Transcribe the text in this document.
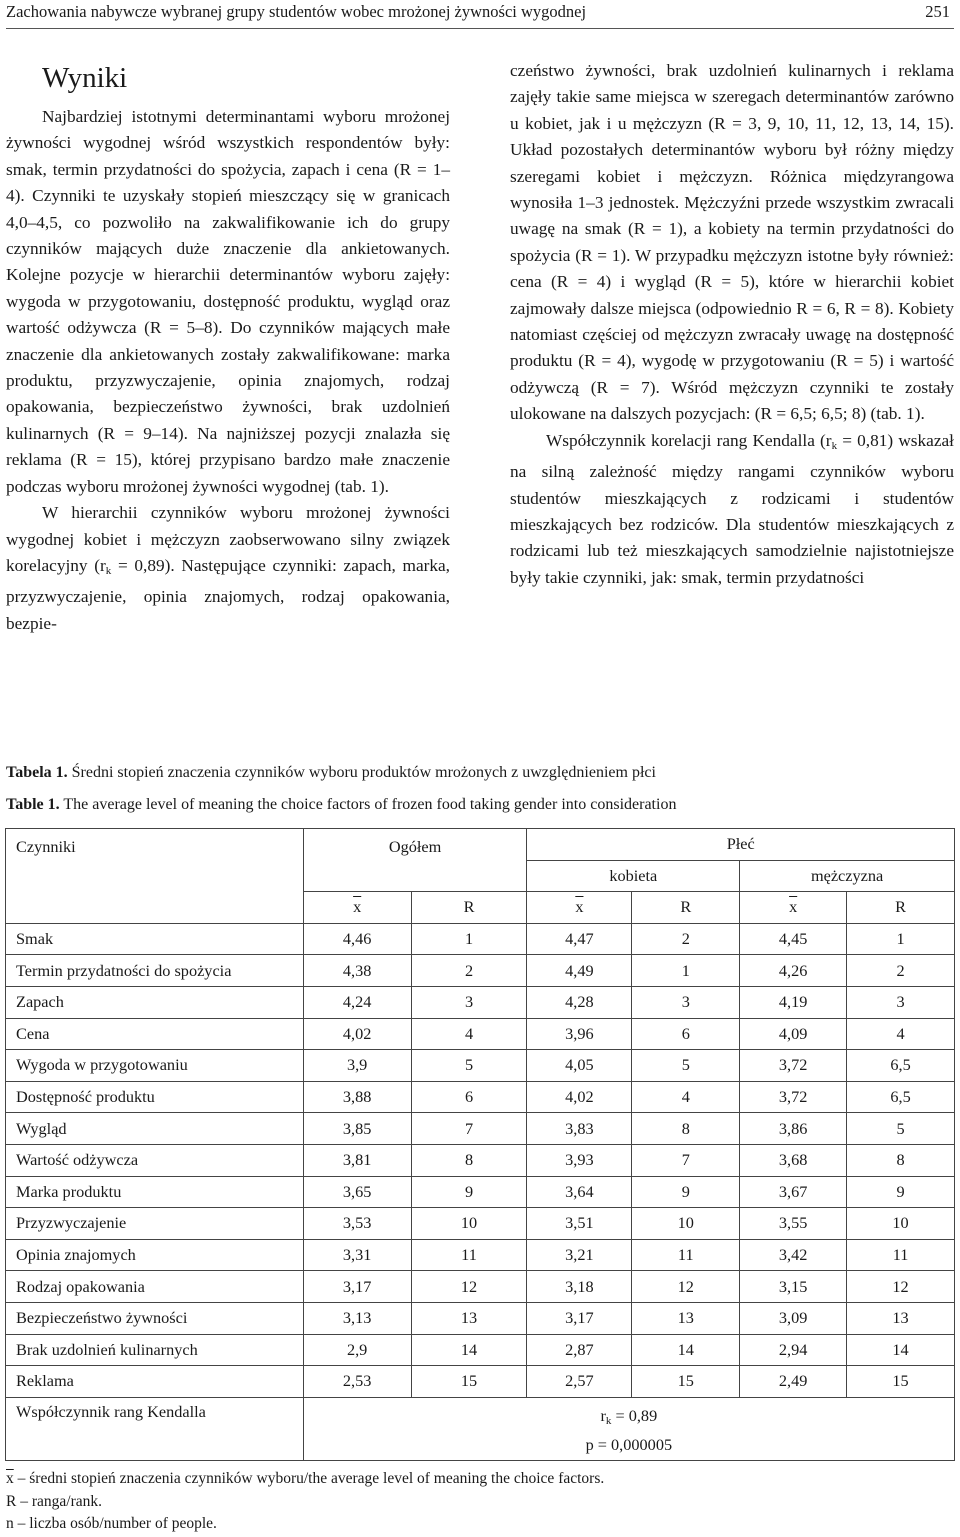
Zachowania nabywcze wybranej grupy studentów wobec mrożonej żywności wygodnej	251
Wyniki

Najbardziej istotnymi determinantami wyboru mrożonej żywności wygodnej wśród wszystkich respondentów były: smak, termin przydatności do spożycia, zapach i cena (R = 1–4). Czynniki te uzyskały stopień mieszczący się w granicach 4,0–4,5, co pozwoliło na zakwalifikowanie ich do grupy czynników mających duże znaczenie dla ankietowanych. Kolejne pozycje w hierarchii determinantów wyboru zajęły: wygoda w przygotowaniu, dostępność produktu, wygląd oraz wartość odżywcza (R = 5–8). Do czynników mających małe znaczenie dla ankietowanych zostały zakwalifikowane: marka produktu, przyzwyczajenie, opinia znajomych, rodzaj opakowania, bezpieczeństwo żywności, brak uzdolnień kulinarnych (R = 9–14). Na najniższej pozycji znalazła się reklama (R = 15), której przypisano bardzo małe znaczenie podczas wyboru mrożonej żywności wygodnej (tab. 1).

W hierarchii czynników wyboru mrożonej żywności wygodnej kobiet i mężczyzn zaobserwowano silny związek korelacyjny $(r_k = 0,89)$. Następujące czynniki: zapach, marka, przyzwyczajenie, opinia znajomych, rodzaj opakowania, bezpie-

czeństwo żywności, brak uzdolnień kulinarnych i reklama zajęły takie same miejsca w szeregach determinantów zarówno u kobiet, jak i u mężczyzn (R = 3, 9, 10, 11, 12, 13, 14, 15). Układ pozostałych determinantów wyboru był różny między szeregami kobiet i mężczyzn. Różnica międzyrangowa wynosiła 1–3 jednostek. Mężczyźni przede wszystkim zwracali uwagę na smak (R = 1), a kobiety na termin przydatności do spożycia (R = 1). W przypadku mężczyzn istotne były również: cena (R = 4) i wygląd (R = 5), które w hierarchii kobiet zajmowały dalsze miejsca (odpowiednio R = 6, R = 8). Kobiety natomiast częściej od mężczyzn zwracały uwagę na dostępność produktu (R = 4), wygodę w przygotowaniu (R = 5) i wartość odżywczą (R = 7). Wśród mężczyzn czynniki te zostały ulokowane na dalszych pozycjach: (R = 6,5; 6,5; 8) (tab. 1).

Współczynnik korelacji rang Kendalla $(r_k = 0,81)$ wskazał na silną zależność między rangami czynników wyboru studentów mieszkających z rodzicami i studentów mieszkających bez rodziców. Dla studentów mieszkających z rodzicami lub też mieszkających samodzielnie najistotniejsze były takie czynniki, jak: smak, termin przydatności

Tabela 1. Średni stopień znaczenia czynników wyboru produktów mrożonych z uwzględnieniem płci
Table 1. The average level of meaning the choice factors of frozen food taking gender into consideration
Czynniki	Ogółem		Płeć			
			kobieta		mężczyzna	
	$\overline{x}$	R	$\overline{x}$	R	$\overline{x}$	R
Smak	4,46	1	4,47	2	4,45	1
Termin przydatności do spożycia	4,38	2	4,49	1	4,26	2
Zapach	4,24	3	4,28	3	4,19	3
Cena	4,02	4	3,96	6	4,09	4
Wygoda w przygotowaniu	3,9	5	4,05	5	3,72	6,5
Dostępność produktu	3,88	6	4,02	4	3,72	6,5
Wygląd	3,85	7	3,83	8	3,86	5
Wartość odżywcza	3,81	8	3,93	7	3,68	8
Marka produktu	3,65	9	3,64	9	3,67	9
Przyzwyczajenie	3,53	10	3,51	10	3,55	10
Opinia znajomych	3,31	11	3,21	11	3,42	11
Rodzaj opakowania	3,17	12	3,18	12	3,15	12
Bezpieczeństwo żywności	3,13	13	3,17	13	3,09	13
Brak uzdolnień kulinarnych	2,9	14	2,87	14	2,94	14
Reklama	2,53	15	2,57	15	2,49	15
Współczynnik rang Kendalla	$r_k = 0,89$
p = 0,000005					
$\overline{x}$ – średni stopień znaczenia czynników wyboru/the average level of meaning the choice factors.
R – ranga/rank.
n – liczba osób/number of people.
